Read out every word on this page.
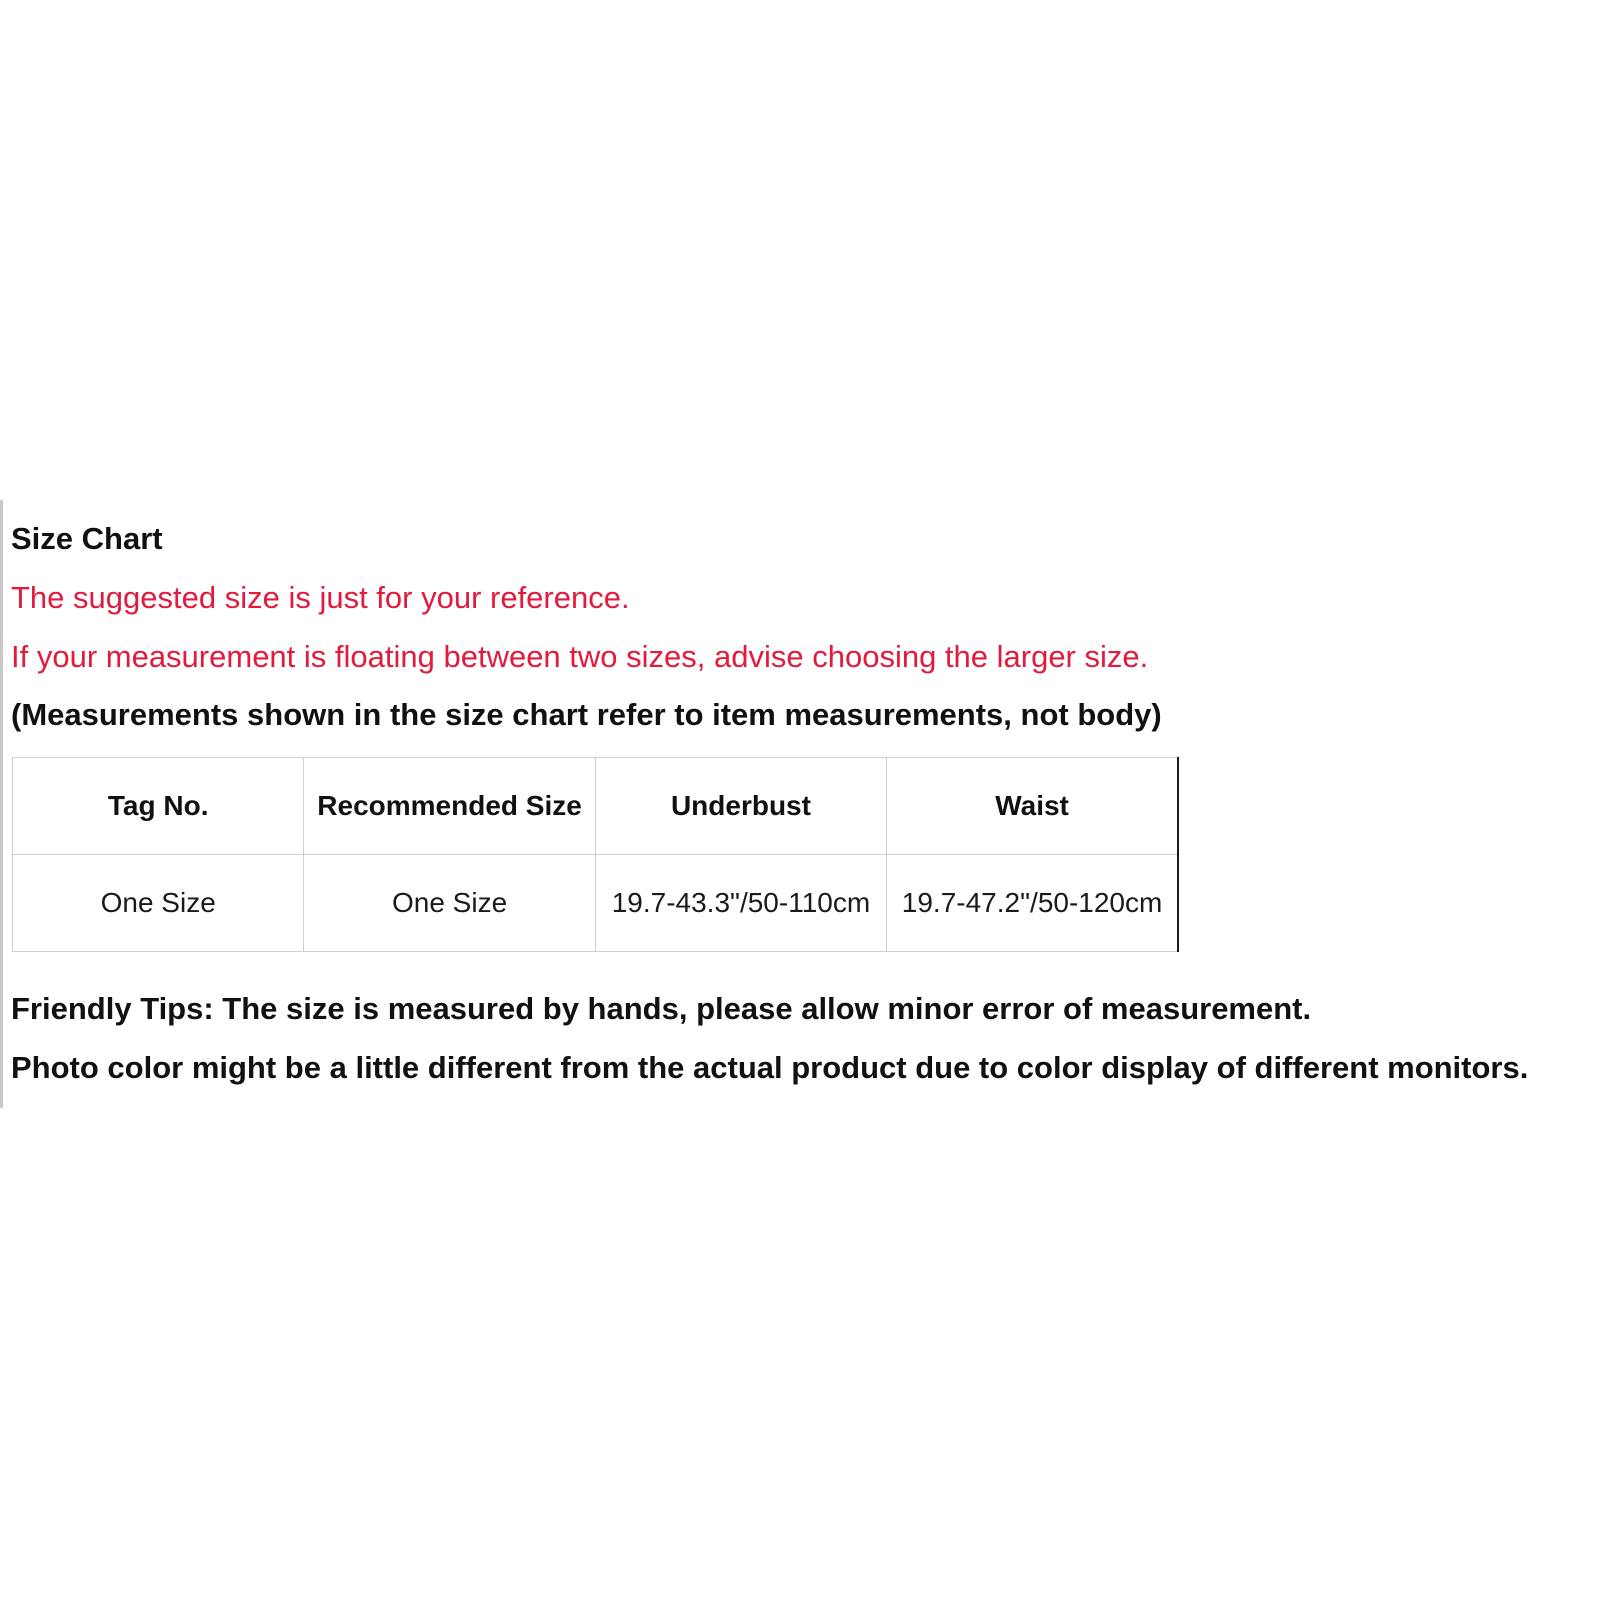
Size Chart
The suggested size is just for your reference.
If your measurement is floating between two sizes, advise choosing the larger size.
(Measurements shown in the size chart refer to item measurements, not body)
Tag No.	Recommended Size	Underbust	Waist
One Size	One Size	19.7-43.3"/50-110cm	19.7-47.2"/50-120cm
Friendly Tips: The size is measured by hands, please allow minor error of measurement.
Photo color might be a little different from the actual product due to color display of different monitors.
